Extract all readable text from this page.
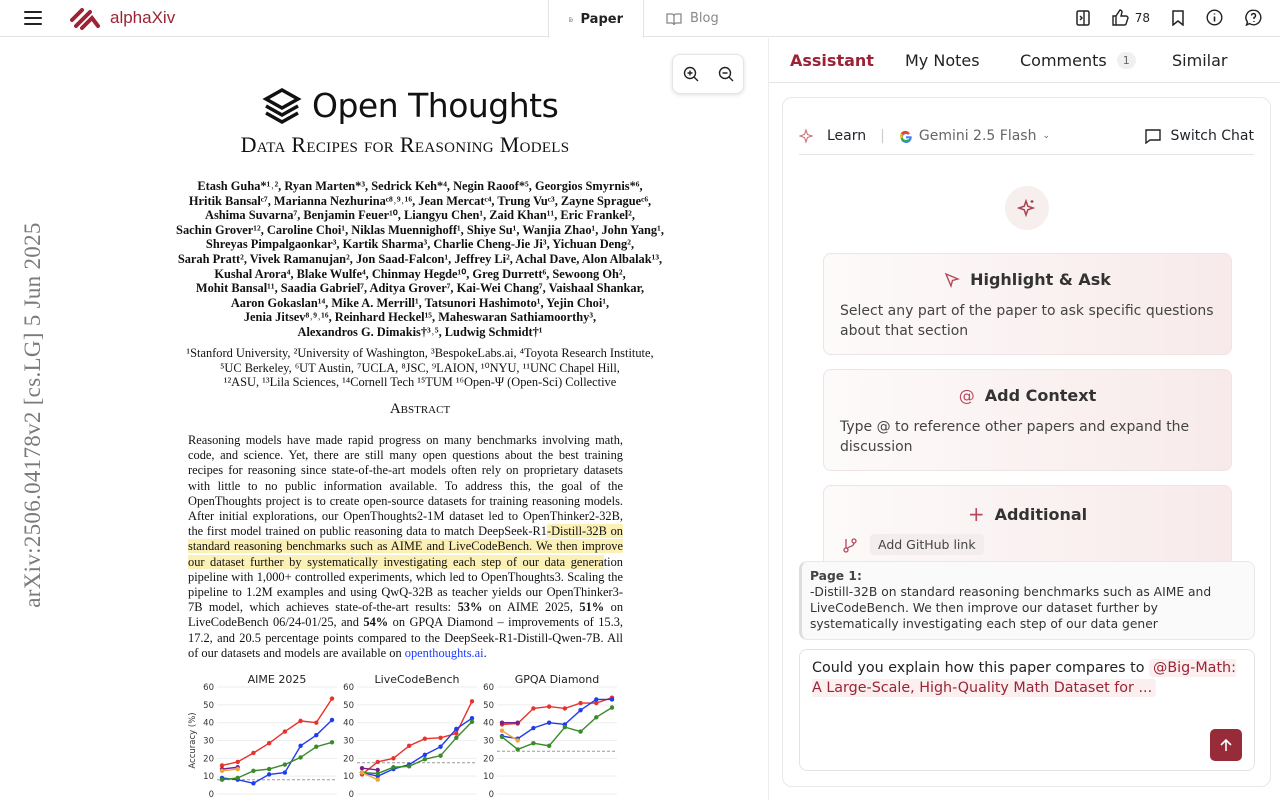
alphaXiv	Paper	Blog	78
arXiv:2506.04178v2 [cs.LG] 5 Jun 2025
Open Thoughts
Data Recipes for Reasoning Models
Etash Guha*¹˒², Ryan Marten*³, Sedrick Keh*⁴, Negin Raoof*⁵, Georgios Smyrnis*⁶,
Hritik Bansalᶜ⁷, Marianna Nezhurinaᶜ⁸˒⁹˒¹⁶, Jean Mercatᶜ⁴, Trung Vuᶜ³, Zayne Spragueᶜ⁶,
Ashima Suvarna⁷, Benjamin Feuer¹⁰, Liangyu Chen¹, Zaid Khan¹¹, Eric Frankel²,
Sachin Grover¹², Caroline Choi¹, Niklas Muennighoff¹, Shiye Su¹, Wanjia Zhao¹, John Yang¹,
Shreyas Pimpalgaonkar³, Kartik Sharma³, Charlie Cheng-Jie Ji³, Yichuan Deng²,
Sarah Pratt², Vivek Ramanujan², Jon Saad-Falcon¹, Jeffrey Li², Achal Dave, Alon Albalak¹³,
Kushal Arora⁴, Blake Wulfe⁴, Chinmay Hegde¹⁰, Greg Durrett⁶, Sewoong Oh²,
Mohit Bansal¹¹, Saadia Gabriel⁷, Aditya Grover⁷, Kai-Wei Chang⁷, Vaishaal Shankar,
Aaron Gokaslan¹⁴, Mike A. Merrill¹, Tatsunori Hashimoto¹, Yejin Choi¹,
Jenia Jitsev⁸˒⁹˒¹⁶, Reinhard Heckel¹⁵, Maheswaran Sathiamoorthy³,
Alexandros G. Dimakis†³˒⁵, Ludwig Schmidt†¹
¹Stanford University, ²University of Washington, ³BespokeLabs.ai, ⁴Toyota Research Institute,
⁵UC Berkeley, ⁶UT Austin, ⁷UCLA, ⁸JSC, ⁹LAION, ¹⁰NYU, ¹¹UNC Chapel Hill,
¹²ASU, ¹³Lila Sciences, ¹⁴Cornell Tech ¹⁵TUM ¹⁶Open-Ψ (Open-Sci) Collective
Abstract
Reasoning models have made rapid progress on many benchmarks involving math, code, and science. Yet, there are still many open questions about the best training recipes for reasoning since state-of-the-art models often rely on proprietary datasets with little to no public information available. To address this, the goal of the OpenThoughts project is to create open-source datasets for training reasoning models. After initial explorations, our OpenThoughts2-1M dataset led to OpenThinker2-32B, the first model trained on public reasoning data to match DeepSeek-R1-Distill-32B on standard reasoning benchmarks such as AIME and LiveCodeBench. We then improve our dataset further by systematically investigating each step of our data generation pipeline with 1,000+ controlled experiments, which led to OpenThoughts3. Scaling the pipeline to 1.2M examples and using QwQ-32B as teacher yields our OpenThinker3-7B model, which achieves state-of-the-art results: 53% on AIME 2025, 51% on LiveCodeBench 06/24-01/25, and 54% on GPQA Diamond – improvements of 15.3, 17.2, and 20.5 percentage points compared to the DeepSeek-R1-Distill-Qwen-7B. All of our datasets and models are available on openthoughts.ai.
AIME 2025
0
10
20
30
40
50
60
Accuracy (%)
LiveCodeBench
0
10
20
30
40
50
60
GPQA Diamond
0
10
20
30
40
50
60
Assistant My Notes	Comments 1	Similar
Learn | Gemini 2.5 Flash ⌄	Switch Chat
Highlight & Ask

Select any part of the paper to ask specific questions about that section

@ Add Context

Type @ to reference other papers and expand the discussion

+ Additional
Add GitHub link
Page 1:
-Distill-32B on standard reasoning benchmarks such as AIME and LiveCodeBench. We then improve our dataset further by systematically investigating each step of our data gener
Could you explain how this paper compares to @Big-Math: A Large-Scale, High-Quality Math Dataset for ...
